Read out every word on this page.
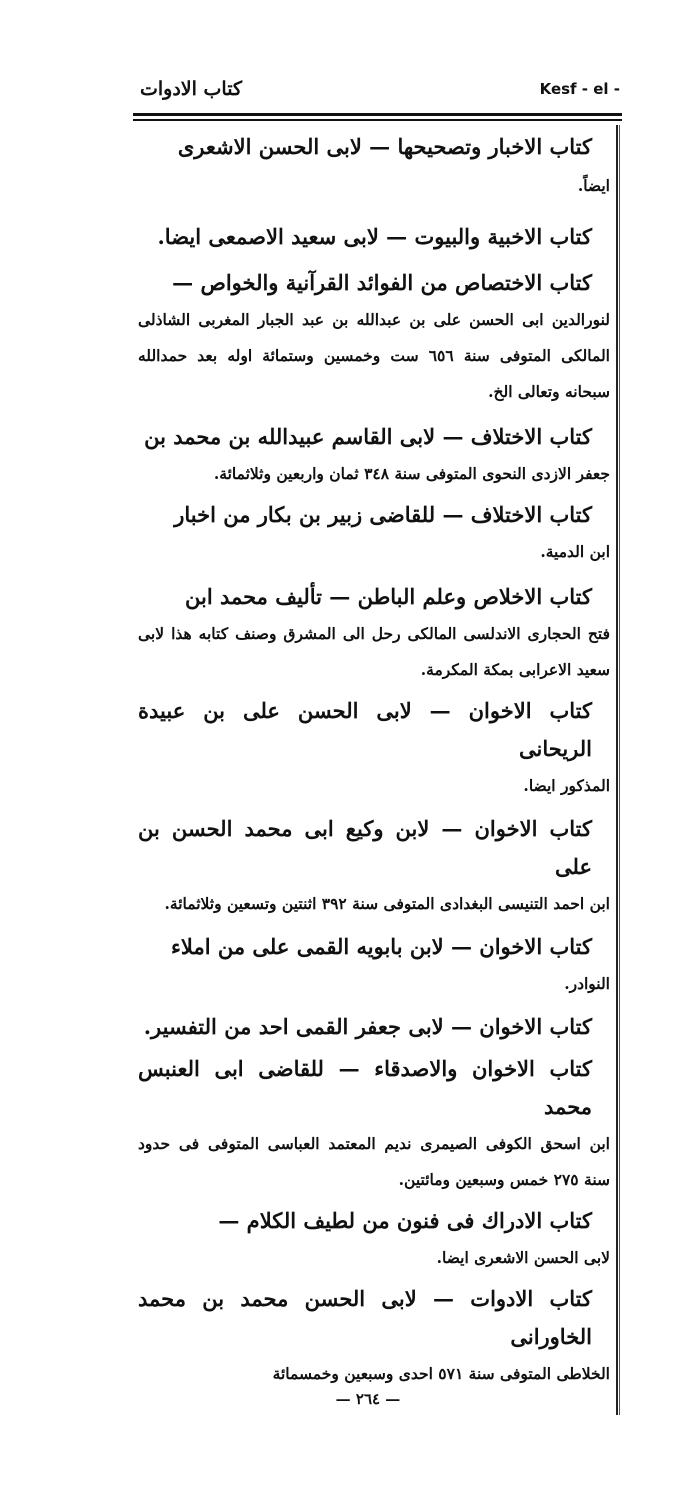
كتاب الادوات	Kesf - el -
كتاب الاخبار وتصحيحها — لابى الحسن الاشعرى
ايضاً.
كتاب الاخبية والبيوت — لابى سعيد الاصمعى ايضا.
كتاب الاختصاص من الفوائد القرآنية والخواص —
لنورالدين ابى الحسن على بن عبدالله بن عبد الجبار المغربى الشاذلى المالكى المتوفى سنة ٦٥٦ ست وخمسين وستمائة اوله بعد حمدالله سبحانه وتعالى الخ.
كتاب الاختلاف — لابى القاسم عبيدالله بن محمد بن
جعفر الازدى النحوى المتوفى سنة ٣٤٨ ثمان واربعين وثلاثمائة.
كتاب الاختلاف — للقاضى زبير بن بكار من اخبار
ابن الدمية.
كتاب الاخلاص وعلم الباطن — تأليف محمد ابن
فتح الحجارى الاندلسى المالكى رحل الى المشرق وصنف كتابه هذا لابى سعيد الاعرابى بمكة المكرمة.
كتاب الاخوان — لابى الحسن على بن عبيدة الريحانى
المذكور ايضا.
كتاب الاخوان — لابن وكيع ابى محمد الحسن بن على
ابن احمد التنيسى البغدادى المتوفى سنة ٣٩٢ اثنتين وتسعين وثلاثمائة.
كتاب الاخوان — لابن بابويه القمى على من املاء
النوادر.
كتاب الاخوان — لابى جعفر القمى احد من التفسير.
كتاب الاخوان والاصدقاء — للقاضى ابى العنبس محمد
ابن اسحق الكوفى الصيمرى نديم المعتمد العباسى المتوفى فى حدود سنة ٢٧٥ خمس وسبعين ومائتين.
كتاب الادراك فى فنون من لطيف الكلام —
لابى الحسن الاشعرى ايضا.
كتاب الادوات — لابى الحسن محمد بن محمد الخاورانى
الخلاطى المتوفى سنة ٥٧١ احدى وسبعين وخمسمائة
— ٢٦٤ —
